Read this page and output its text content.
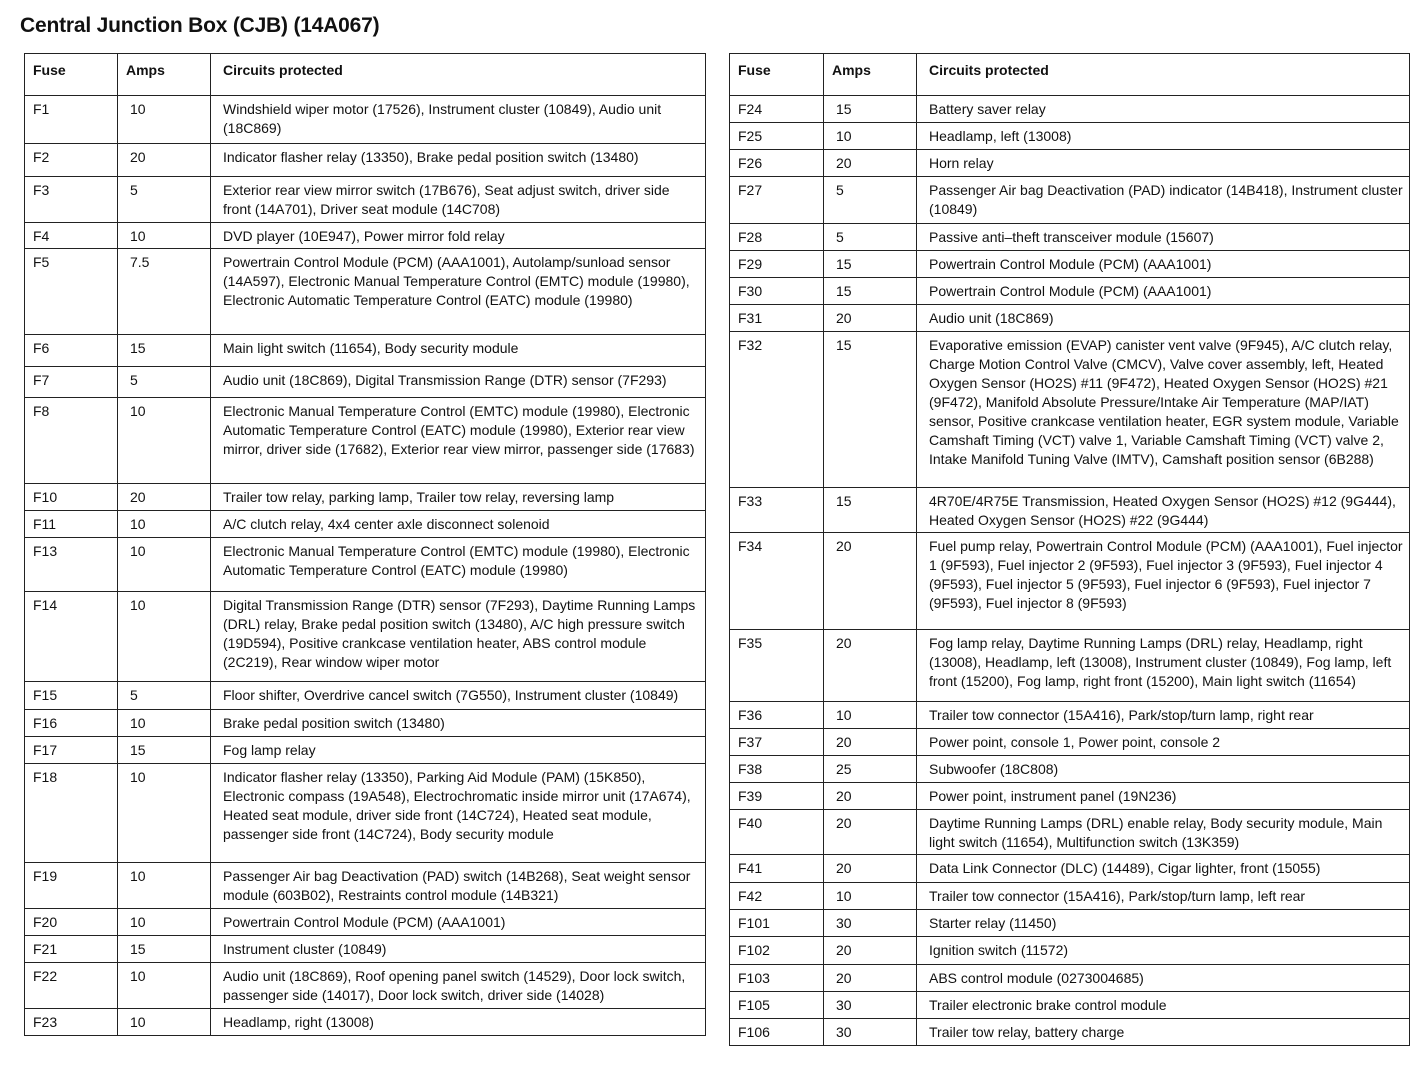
Central Junction Box (CJB) (14A067)
Fuse	Amps	Circuits protected
F1	10	Windshield wiper motor (17526), Instrument cluster (10849), Audio unit (18C869)
F2	20	Indicator flasher relay (13350), Brake pedal position switch (13480)
F3	5	Exterior rear view mirror switch (17B676), Seat adjust switch, driver side front (14A701), Driver seat module (14C708)
F4	10	DVD player (10E947), Power mirror fold relay
F5	7.5	Powertrain Control Module (PCM) (AAA1001), Autolamp/sunload sensor (14A597), Electronic Manual Temperature Control (EMTC) module (19980), Electronic Automatic Temperature Control (EATC) module (19980)
F6	15	Main light switch (11654), Body security module
F7	5	Audio unit (18C869), Digital Transmission Range (DTR) sensor (7F293)
F8	10	Electronic Manual Temperature Control (EMTC) module (19980), Electronic Automatic Temperature Control (EATC) module (19980), Exterior rear view mirror, driver side (17682), Exterior rear view mirror, passenger side (17683)
F10	20	Trailer tow relay, parking lamp, Trailer tow relay, reversing lamp
F11	10	A/C clutch relay, 4x4 center axle disconnect solenoid
F13	10	Electronic Manual Temperature Control (EMTC) module (19980), Electronic Automatic Temperature Control (EATC) module (19980)
F14	10	Digital Transmission Range (DTR) sensor (7F293), Daytime Running Lamps (DRL) relay, Brake pedal position switch (13480), A/C high pressure switch (19D594), Positive crankcase ventilation heater, ABS control module (2C219), Rear window wiper motor
F15	5	Floor shifter, Overdrive cancel switch (7G550), Instrument cluster (10849)
F16	10	Brake pedal position switch (13480)
F17	15	Fog lamp relay
F18	10	Indicator flasher relay (13350), Parking Aid Module (PAM) (15K850), Electronic compass (19A548), Electrochromatic inside mirror unit (17A674), Heated seat module, driver side front (14C724), Heated seat module, passenger side front (14C724), Body security module
F19	10	Passenger Air bag Deactivation (PAD) switch (14B268), Seat weight sensor module (603B02), Restraints control module (14B321)
F20	10	Powertrain Control Module (PCM) (AAA1001)
F21	15	Instrument cluster (10849)
F22	10	Audio unit (18C869), Roof opening panel switch (14529), Door lock switch, passenger side (14017), Door lock switch, driver side (14028)
F23	10	Headlamp, right (13008)
Fuse	Amps	Circuits protected
F24	15	Battery saver relay
F25	10	Headlamp, left (13008)
F26	20	Horn relay
F27	5	Passenger Air bag Deactivation (PAD) indicator (14B418), Instrument cluster (10849)
F28	5	Passive anti–theft transceiver module (15607)
F29	15	Powertrain Control Module (PCM) (AAA1001)
F30	15	Powertrain Control Module (PCM) (AAA1001)
F31	20	Audio unit (18C869)
F32	15	Evaporative emission (EVAP) canister vent valve (9F945), A/C clutch relay, Charge Motion Control Valve (CMCV), Valve cover assembly, left, Heated Oxygen Sensor (HO2S) #11 (9F472), Heated Oxygen Sensor (HO2S) #21 (9F472), Manifold Absolute Pressure/Intake Air Temperature (MAP/IAT) sensor, Positive crankcase ventilation heater, EGR system module, Variable Camshaft Timing (VCT) valve 1, Variable Camshaft Timing (VCT) valve 2, Intake Manifold Tuning Valve (IMTV), Camshaft position sensor (6B288)
F33	15	4R70E/4R75E Transmission, Heated Oxygen Sensor (HO2S) #12 (9G444), Heated Oxygen Sensor (HO2S) #22 (9G444)
F34	20	Fuel pump relay, Powertrain Control Module (PCM) (AAA1001), Fuel injector 1 (9F593), Fuel injector 2 (9F593), Fuel injector 3 (9F593), Fuel injector 4 (9F593), Fuel injector 5 (9F593), Fuel injector 6 (9F593), Fuel injector 7 (9F593), Fuel injector 8 (9F593)
F35	20	Fog lamp relay, Daytime Running Lamps (DRL) relay, Headlamp, right (13008), Headlamp, left (13008), Instrument cluster (10849), Fog lamp, left front (15200), Fog lamp, right front (15200), Main light switch (11654)
F36	10	Trailer tow connector (15A416), Park/stop/turn lamp, right rear
F37	20	Power point, console 1, Power point, console 2
F38	25	Subwoofer (18C808)
F39	20	Power point, instrument panel (19N236)
F40	20	Daytime Running Lamps (DRL) enable relay, Body security module, Main light switch (11654), Multifunction switch (13K359)
F41	20	Data Link Connector (DLC) (14489), Cigar lighter, front (15055)
F42	10	Trailer tow connector (15A416), Park/stop/turn lamp, left rear
F101	30	Starter relay (11450)
F102	20	Ignition switch (11572)
F103	20	ABS control module (0273004685)
F105	30	Trailer electronic brake control module
F106	30	Trailer tow relay, battery charge
